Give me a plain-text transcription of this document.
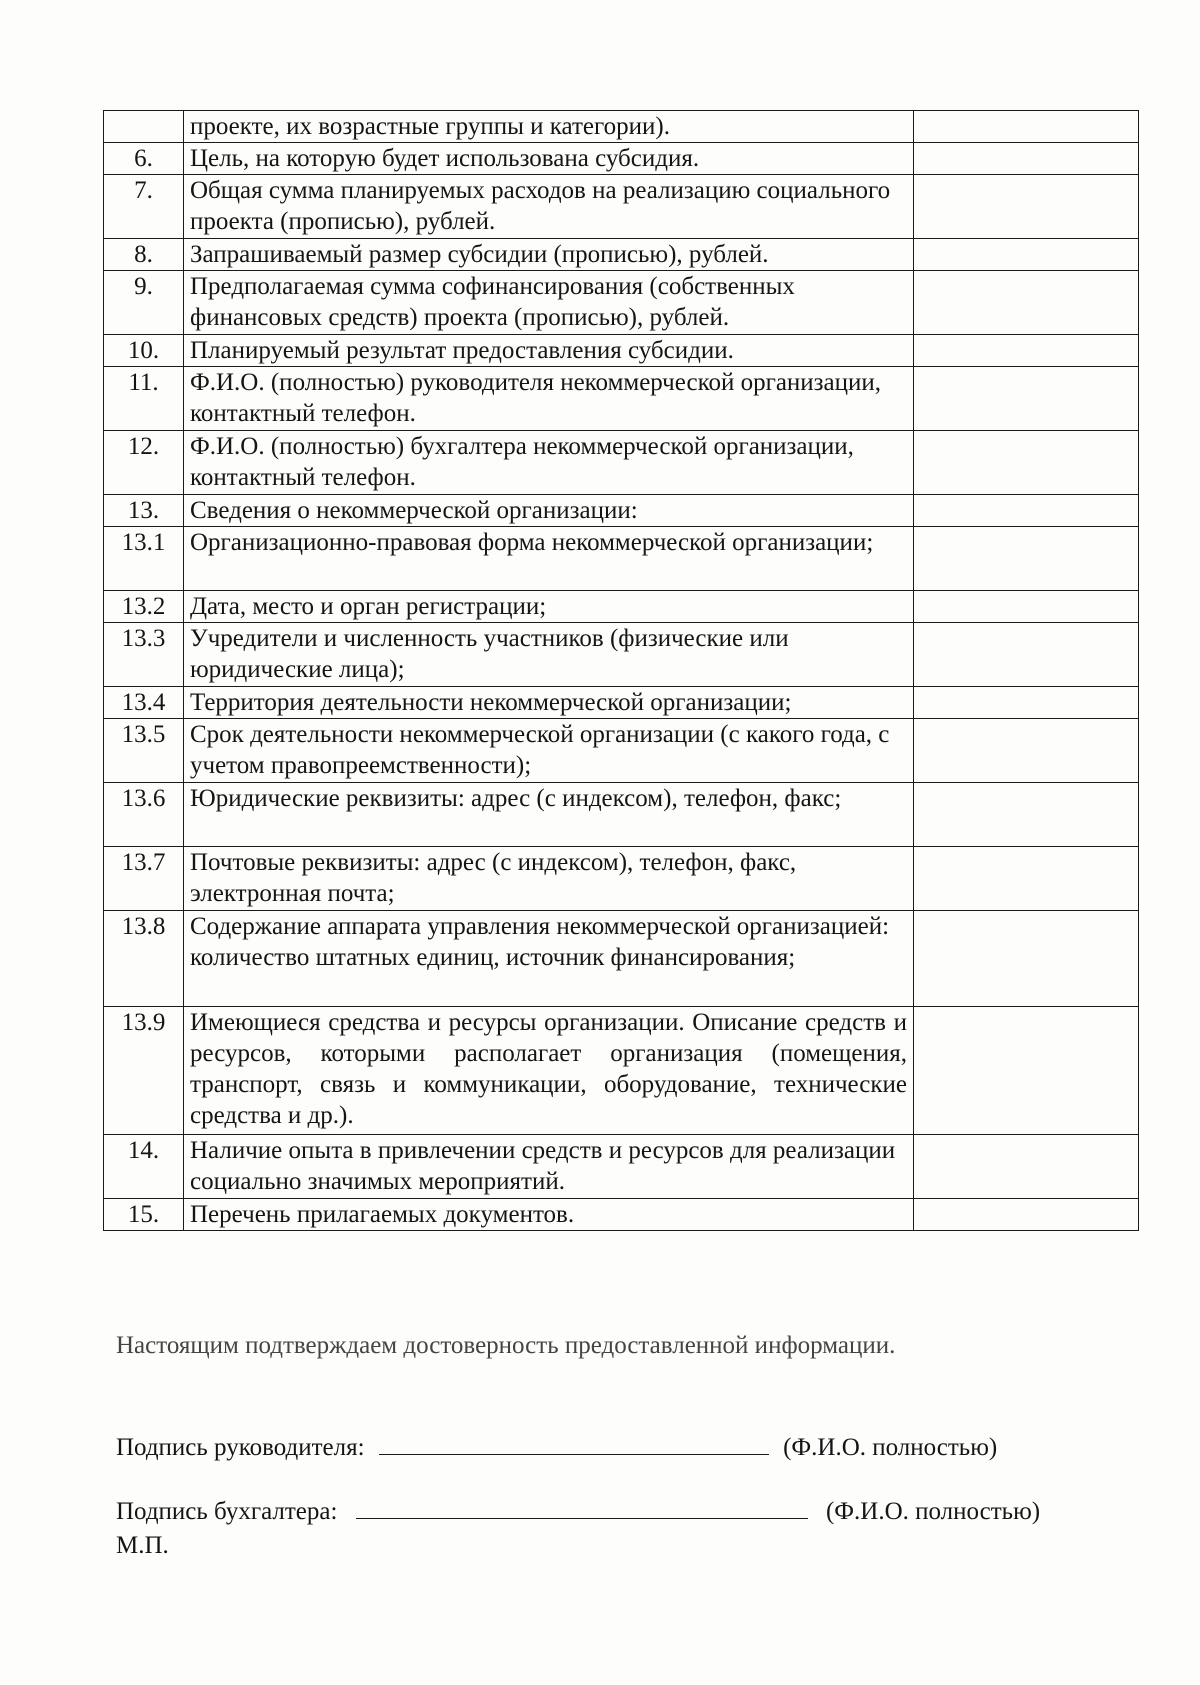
	проекте, их возрастные группы и категории).	
6.	Цель, на которую будет использована субсидия.	
7.	Общая сумма планируемых расходов на реализацию социального проекта (прописью), рублей.	
8.	Запрашиваемый размер субсидии (прописью), рублей.	
9.	Предполагаемая сумма софинансирования (собственных финансовых средств) проекта (прописью), рублей.	
10.	Планируемый результат предоставления субсидии.	
11.	Ф.И.О. (полностью) руководителя некоммерческой организации, контактный телефон.	
12.	Ф.И.О. (полностью) бухгалтера некоммерческой организации, контактный телефон.	
13.	Сведения о некоммерческой организации:	
13.1	Организационно-правовая форма некоммерческой организации;	
13.2	Дата, место и орган регистрации;	
13.3	Учредители и численность участников (физические или юридические лица);	
13.4	Территория деятельности некоммерческой организации;	
13.5	Срок деятельности некоммерческой организации (с какого года, с учетом правопреемственности);	
13.6	Юридические реквизиты: адрес (с индексом), телефон, факс;	
13.7	Почтовые реквизиты: адрес (с индексом), телефон, факс, электронная почта;	
13.8	Содержание аппарата управления некоммерческой организацией: количество штатных единиц, источник финансирования;	
13.9	Имеющиеся средства и ресурсы организации. Описание средств и ресурсов, которыми располагает организация (помещения, транспорт, связь и коммуникации, оборудование, технические средства и др.).	
14.	Наличие опыта в привлечении средств и ресурсов для реализации социально значимых мероприятий.	
15.	Перечень прилагаемых документов.	
Настоящим подтверждаем достоверность предоставленной информации.
Подпись руководителя:	(Ф.И.О. полностью)
Подпись бухгалтера:	(Ф.И.О. полностью)
М.П.
